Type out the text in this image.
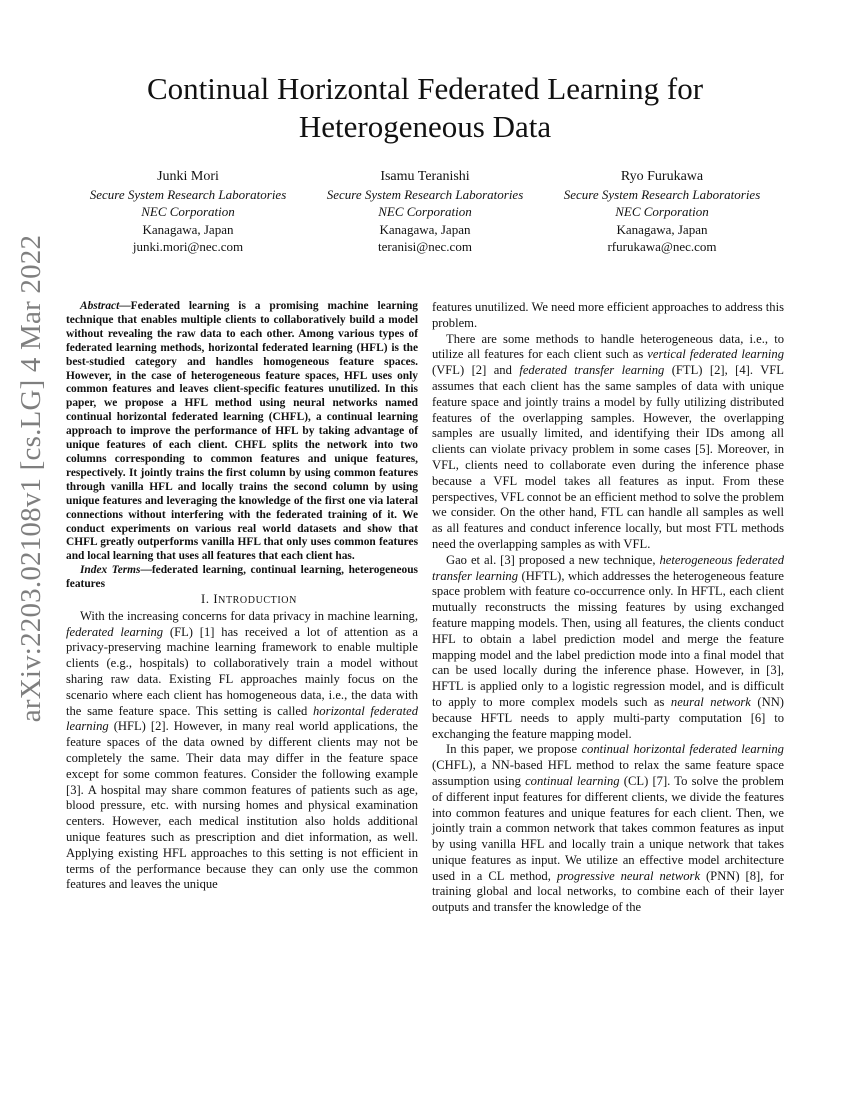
arXiv:2203.02108v1 [cs.LG] 4 Mar 2022
Continual Horizontal Federated Learning for
Heterogeneous Data
Junki Mori
Secure System Research Laboratories
NEC Corporation
Kanagawa, Japan
junki.mori@nec.com
Isamu Teranishi
Secure System Research Laboratories
NEC Corporation
Kanagawa, Japan
teranisi@nec.com
Ryo Furukawa
Secure System Research Laboratories
NEC Corporation
Kanagawa, Japan
rfurukawa@nec.com

Abstract—Federated learning is a promising machine learning technique that enables multiple clients to collaboratively build a model without revealing the raw data to each other. Among various types of federated learning methods, horizontal federated learning (HFL) is the best-studied category and handles homogeneous feature spaces. However, in the case of heterogeneous feature spaces, HFL uses only common features and leaves client-specific features unutilized. In this paper, we propose a HFL method using neural networks named continual horizontal federated learning (CHFL), a continual learning approach to improve the performance of HFL by taking advantage of unique features of each client. CHFL splits the network into two columns corresponding to common features and unique features, respectively. It jointly trains the first column by using common features through vanilla HFL and locally trains the second column by using unique features and leveraging the knowledge of the first one via lateral connections without interfering with the federated training of it. We conduct experiments on various real world datasets and show that CHFL greatly outperforms vanilla HFL that only uses common features and local learning that uses all features that each client has.

Index Terms—federated learning, continual learning, heterogeneous features

I. INTRODUCTION

With the increasing concerns for data privacy in machine learning, federated learning (FL) [1] has received a lot of attention as a privacy-preserving machine learning framework to enable multiple clients (e.g., hospitals) to collaboratively train a model without sharing raw data. Existing FL approaches mainly focus on the scenario where each client has homogeneous data, i.e., the data with the same feature space. This setting is called horizontal federated learning (HFL) [2]. However, in many real world applications, the feature spaces of the data owned by different clients may not be completely the same. Their data may differ in the feature space except for some common features. Consider the following example [3]. A hospital may share common features of patients such as age, blood pressure, etc. with nursing homes and physical examination centers. However, each medical institution also holds additional unique features such as prescription and diet information, as well. Applying existing HFL approaches to this setting is not efficient in terms of the performance because they can only use the common features and leaves the unique

features unutilized. We need more efficient approaches to address this problem.

There are some methods to handle heterogeneous data, i.e., to utilize all features for each client such as vertical federated learning (VFL) [2] and federated transfer learning (FTL) [2], [4]. VFL assumes that each client has the same samples of data with unique feature space and jointly trains a model by fully utilizing distributed features of the overlapping samples. However, the overlapping samples are usually limited, and identifying their IDs among all clients can violate privacy problem in some cases [5]. Moreover, in VFL, clients need to collaborate even during the inference phase because a VFL model takes all features as input. From these perspectives, VFL connot be an efficient method to solve the problem we consider. On the other hand, FTL can handle all samples as well as all features and conduct inference locally, but most FTL methods need the overlapping samples as with VFL.

Gao et al. [3] proposed a new technique, heterogeneous federated transfer learning (HFTL), which addresses the heterogeneous feature space problem with feature co-occurrence only. In HFTL, each client mutually reconstructs the missing features by using exchanged feature mapping models. Then, using all features, the clients conduct HFL to obtain a label prediction model and merge the feature mapping model and the label prediction mode into a final model that can be used locally during the inference phase. However, in [3], HFTL is applied only to a logistic regression model, and is difficult to apply to more complex models such as neural network (NN) because HFTL needs to apply multi-party computation [6] to exchanging the feature mapping model.

In this paper, we propose continual horizontal federated learning (CHFL), a NN-based HFL method to relax the same feature space assumption using continual learning (CL) [7]. To solve the problem of different input features for different clients, we divide the features into common features and unique features for each client. Then, we jointly train a common network that takes common features as input by using vanilla HFL and locally train a unique network that takes unique features as input. We utilize an effective model architecture used in a CL method, progressive neural network (PNN) [8], for training global and local networks, to combine each of their layer outputs and transfer the knowledge of the
